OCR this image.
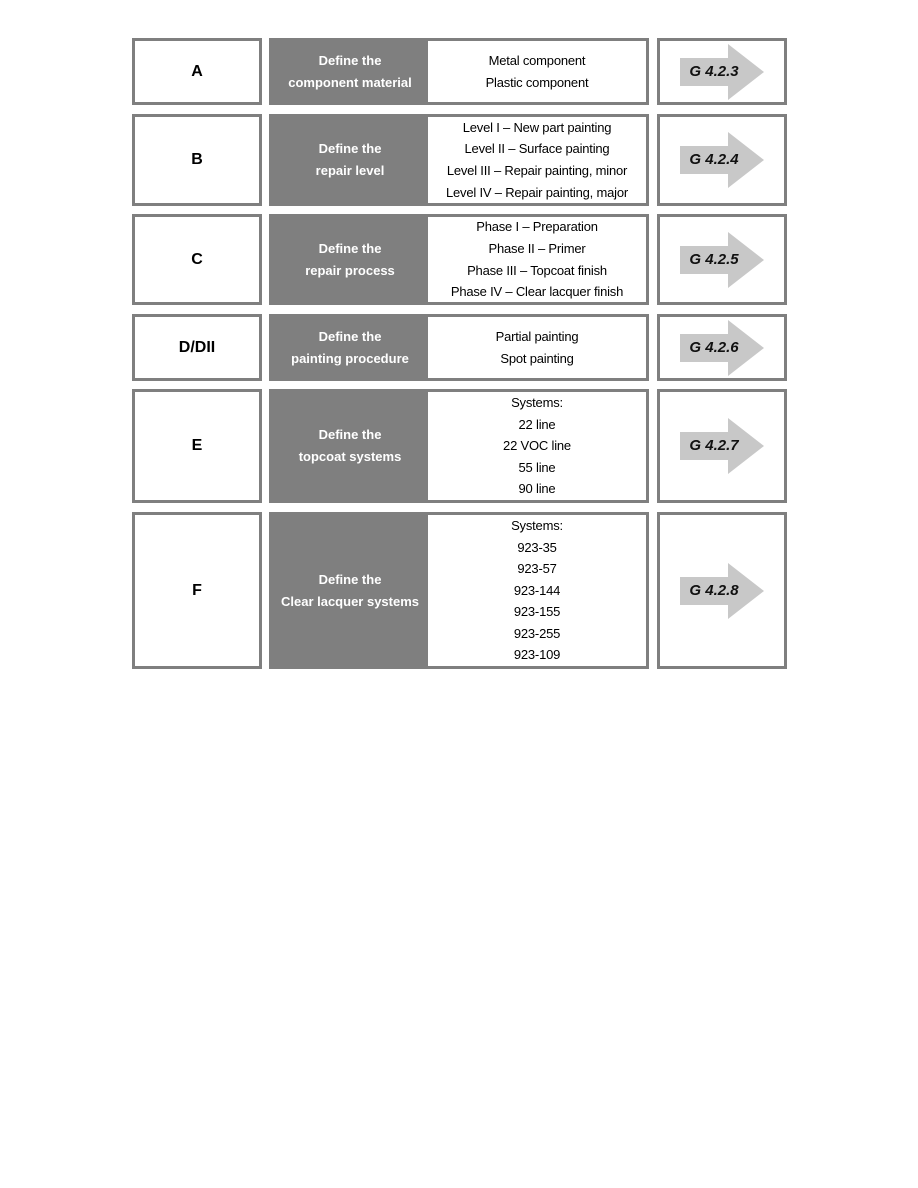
A
Define the
component material
Metal component
Plastic component
G 4.2.3
B
Define the
repair level
Level I – New part painting
Level II – Surface painting
Level III – Repair painting, minor
Level IV – Repair painting, major
G 4.2.4
C
Define the
repair process
Phase I – Preparation
Phase II – Primer
Phase III – Topcoat finish
Phase IV – Clear lacquer finish
G 4.2.5
D/DII
Define the
painting procedure
Partial painting
Spot painting
G 4.2.6
E
Define the
topcoat systems
Systems:
22 line
22 VOC line
55 line
90 line
G 4.2.7
F
Define the
Clear lacquer systems
Systems:
923-35
923-57
923-144
923-155
923-255
923-109
G 4.2.8
